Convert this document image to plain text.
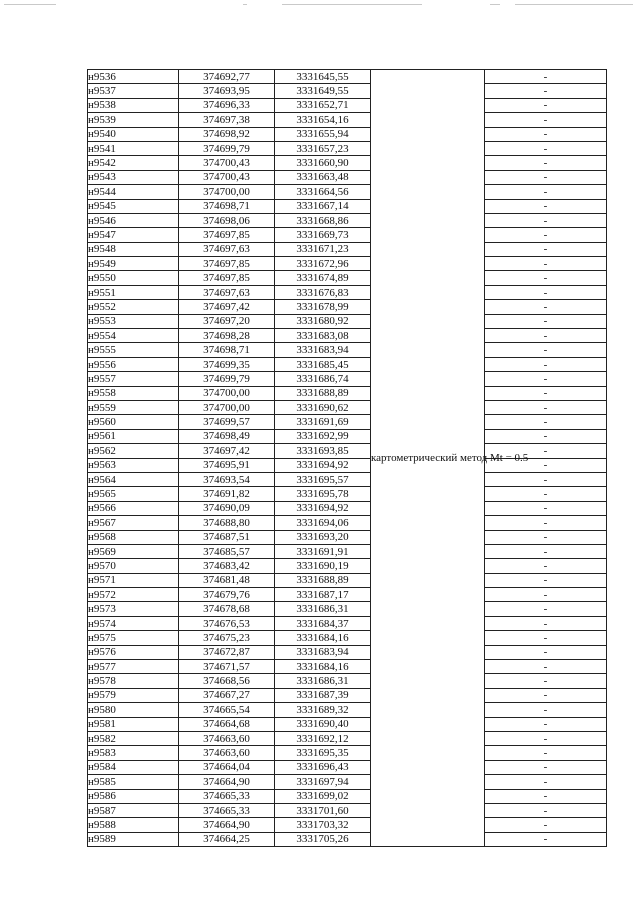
н9536	374692,77	3331645,55	картометрический метод Mt = 0.5	-
н9537	374693,95	3331649,55		-
н9538	374696,33	3331652,71		-
н9539	374697,38	3331654,16		-
н9540	374698,92	3331655,94		-
н9541	374699,79	3331657,23		-
н9542	374700,43	3331660,90		-
н9543	374700,43	3331663,48		-
н9544	374700,00	3331664,56		-
н9545	374698,71	3331667,14		-
н9546	374698,06	3331668,86		-
н9547	374697,85	3331669,73		-
н9548	374697,63	3331671,23		-
н9549	374697,85	3331672,96		-
н9550	374697,85	3331674,89		-
н9551	374697,63	3331676,83		-
н9552	374697,42	3331678,99		-
н9553	374697,20	3331680,92		-
н9554	374698,28	3331683,08		-
н9555	374698,71	3331683,94		-
н9556	374699,35	3331685,45		-
н9557	374699,79	3331686,74		-
н9558	374700,00	3331688,89		-
н9559	374700,00	3331690,62		-
н9560	374699,57	3331691,69		-
н9561	374698,49	3331692,99		-
н9562	374697,42	3331693,85		-
н9563	374695,91	3331694,92		-
н9564	374693,54	3331695,57		-
н9565	374691,82	3331695,78		-
н9566	374690,09	3331694,92		-
н9567	374688,80	3331694,06		-
н9568	374687,51	3331693,20		-
н9569	374685,57	3331691,91		-
н9570	374683,42	3331690,19		-
н9571	374681,48	3331688,89		-
н9572	374679,76	3331687,17		-
н9573	374678,68	3331686,31		-
н9574	374676,53	3331684,37		-
н9575	374675,23	3331684,16		-
н9576	374672,87	3331683,94		-
н9577	374671,57	3331684,16		-
н9578	374668,56	3331686,31		-
н9579	374667,27	3331687,39		-
н9580	374665,54	3331689,32		-
н9581	374664,68	3331690,40		-
н9582	374663,60	3331692,12		-
н9583	374663,60	3331695,35		-
н9584	374664,04	3331696,43		-
н9585	374664,90	3331697,94		-
н9586	374665,33	3331699,02		-
н9587	374665,33	3331701,60		-
н9588	374664,90	3331703,32		-
н9589	374664,25	3331705,26		-
